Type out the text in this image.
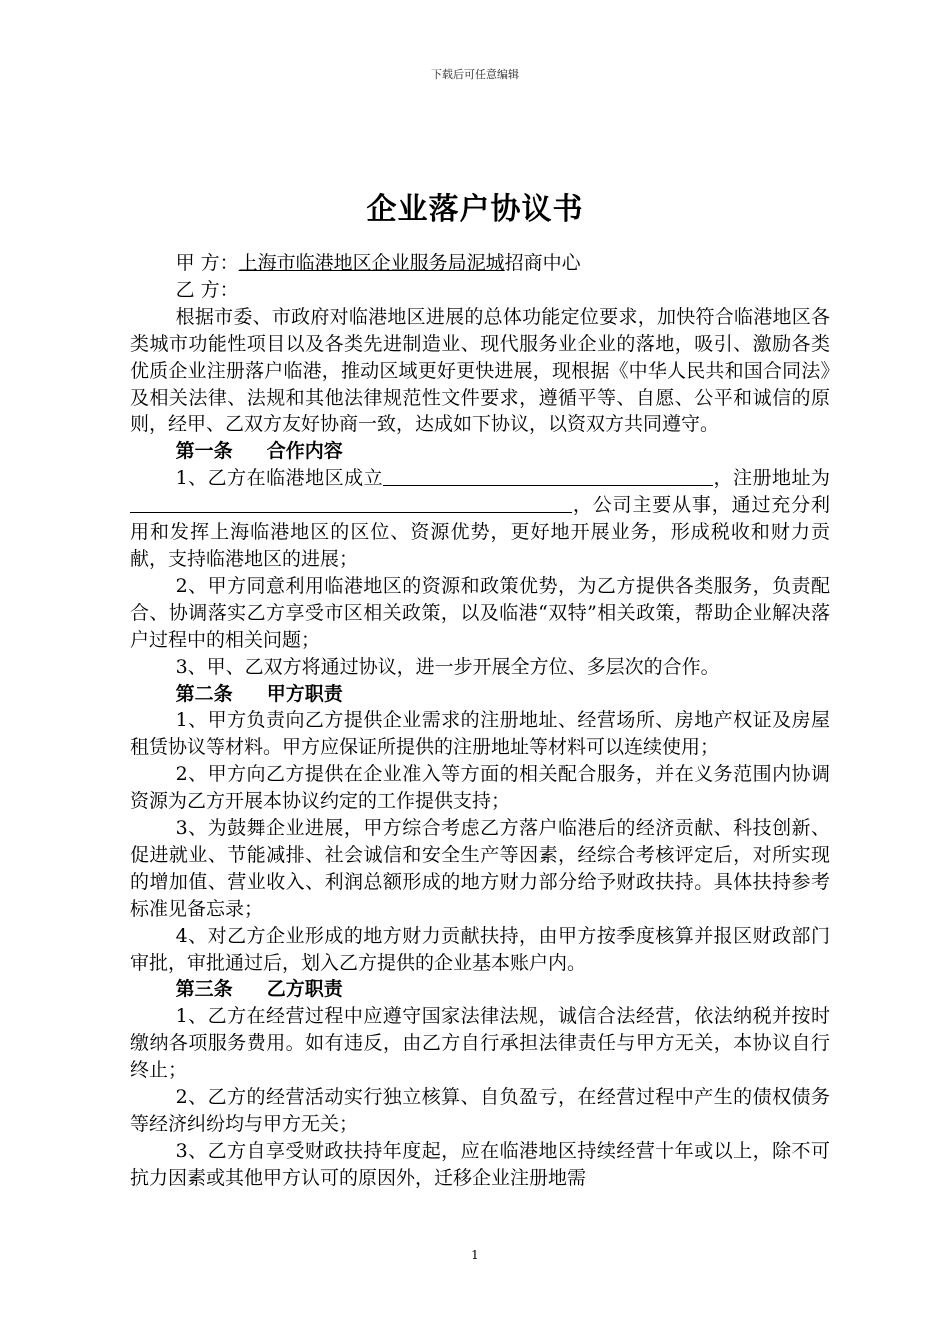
下载后可任意编辑
企业落户协议书

甲 方：上海市临港地区企业服务局泥城招商中心

乙 方：

根据市委、市政府对临港地区进展的总体功能定位要求，加快符合临港地区各类城市功能性项目以及各类先进制造业、现代服务业企业的落地，吸引、激励各类优质企业注册落户临港，推动区域更好更快进展，现根据《中华人民共和国合同法》及相关法律、法规和其他法律规范性文件要求，遵循平等、自愿、公平和诚信的原则，经甲、乙双方友好协商一致，达成如下协议，以资双方共同遵守。

第一条 合作内容

1、乙方在临港地区成立	，注册地址为，公司主要从事，通过充分利用和发挥上海临港地区的区位、资源优势，更好地开展业务，形成税收和财力贡献，支持临港地区的进展；

2、甲方同意利用临港地区的资源和政策优势，为乙方提供各类服务，负责配合、协调落实乙方享受市区相关政策，以及临港“双特”相关政策，帮助企业解决落户过程中的相关问题；

3、甲、乙双方将通过协议，进一步开展全方位、多层次的合作。

第二条 甲方职责

1、甲方负责向乙方提供企业需求的注册地址、经营场所、房地产权证及房屋租赁协议等材料。甲方应保证所提供的注册地址等材料可以连续使用；

2、甲方向乙方提供在企业准入等方面的相关配合服务，并在义务范围内协调资源为乙方开展本协议约定的工作提供支持；

3、为鼓舞企业进展，甲方综合考虑乙方落户临港后的经济贡献、科技创新、促进就业、节能减排、社会诚信和安全生产等因素，经综合考核评定后，对所实现的增加值、营业收入、利润总额形成的地方财力部分给予财政扶持。具体扶持参考标准见备忘录；

4、对乙方企业形成的地方财力贡献扶持，由甲方按季度核算并报区财政部门审批，审批通过后，划入乙方提供的企业基本账户内。

第三条 乙方职责

1、乙方在经营过程中应遵守国家法律法规，诚信合法经营，依法纳税并按时缴纳各项服务费用。如有违反，由乙方自行承担法律责任与甲方无关，本协议自行终止；

2、乙方的经营活动实行独立核算、自负盈亏，在经营过程中产生的债权债务等经济纠纷均与甲方无关；

3、乙方自享受财政扶持年度起，应在临港地区持续经营十年或以上，除不可抗力因素或其他甲方认可的原因外，迁移企业注册地需

1
